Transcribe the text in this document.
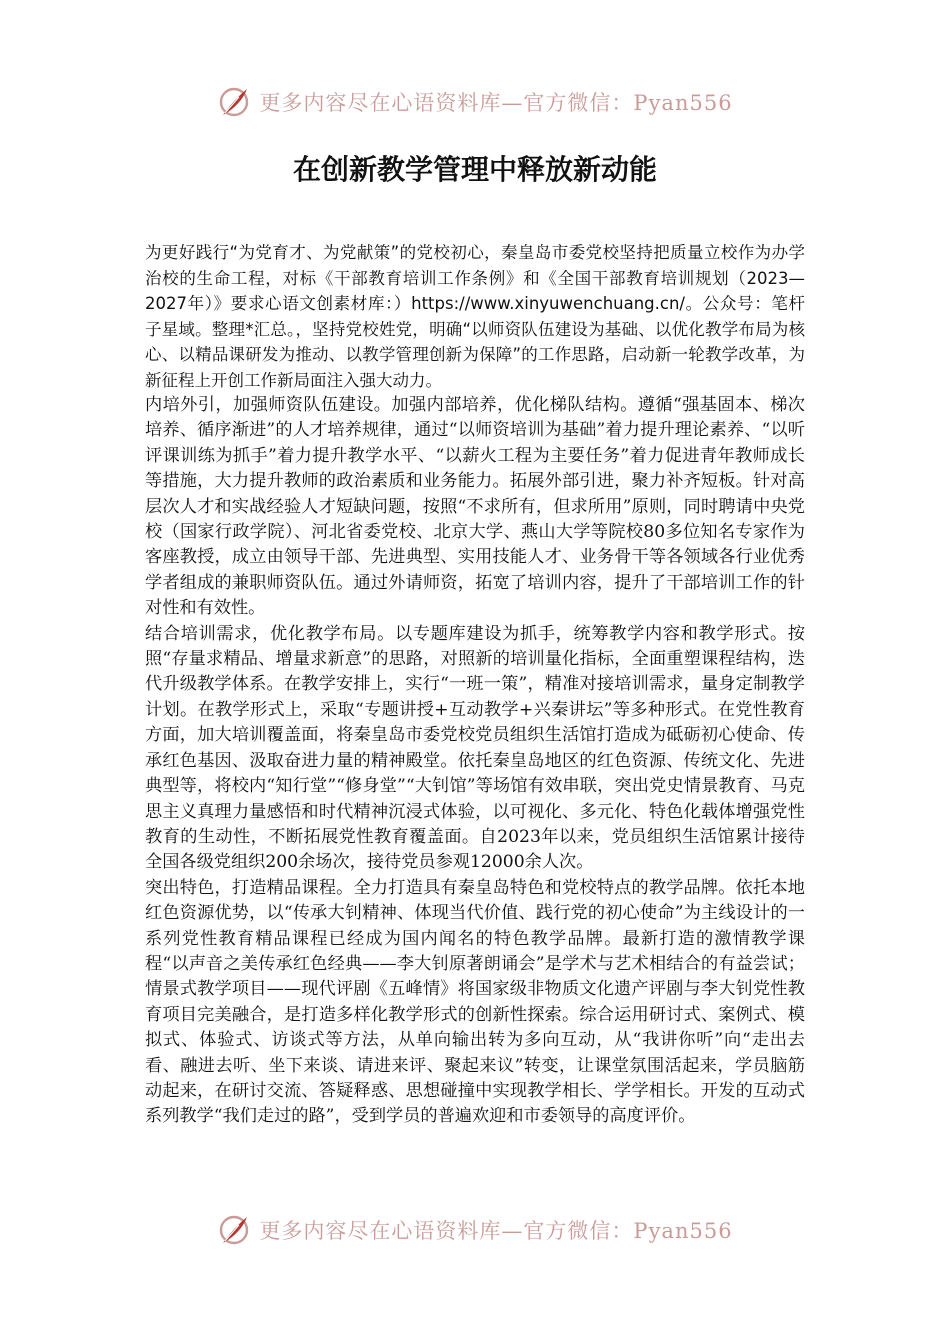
更多内容尽在心语资料库—官方微信：Pyan556
在创新教学管理中释放新动能

为更好践行“为党育才、为党献策”的党校初心，秦皇岛市委党校坚持把质量立校作为办学治校的生命工程，对标《干部教育培训工作条例》和《全国干部教育培训规划（2023—2027年）》要求心语文创素材库：）https://www.xinyuwenchuang.cn/。公众号：笔杆子星域。整理*汇总。，坚持党校姓党，明确“以师资队伍建设为基础、以优化教学布局为核心、以精品课研发为推动、以教学管理创新为保障”的工作思路，启动新一轮教学改革，为新征程上开创工作新局面注入强大动力。

内培外引，加强师资队伍建设。加强内部培养，优化梯队结构。遵循“强基固本、梯次培养、循序渐进”的人才培养规律，通过“以师资培训为基础”着力提升理论素养、“以听评课训练为抓手”着力提升教学水平、“以薪火工程为主要任务”着力促进青年教师成长等措施，大力提升教师的政治素质和业务能力。拓展外部引进，聚力补齐短板。针对高层次人才和实战经验人才短缺问题，按照“不求所有，但求所用”原则，同时聘请中央党校（国家行政学院）、河北省委党校、北京大学、燕山大学等院校80多位知名专家作为客座教授，成立由领导干部、先进典型、实用技能人才、业务骨干等各领域各行业优秀学者组成的兼职师资队伍。通过外请师资，拓宽了培训内容，提升了干部培训工作的针对性和有效性。

结合培训需求，优化教学布局。以专题库建设为抓手，统筹教学内容和教学形式。按照“存量求精品、增量求新意”的思路，对照新的培训量化指标，全面重塑课程结构，迭代升级教学体系。在教学安排上，实行“一班一策”，精准对接培训需求，量身定制教学计划。在教学形式上，采取“专题讲授+互动教学+兴秦讲坛”等多种形式。在党性教育方面，加大培训覆盖面，将秦皇岛市委党校党员组织生活馆打造成为砥砺初心使命、传承红色基因、汲取奋进力量的精神殿堂。依托秦皇岛地区的红色资源、传统文化、先进典型等，将校内“知行堂”“修身堂”“大钊馆”等场馆有效串联，突出党史情景教育、马克思主义真理力量感悟和时代精神沉浸式体验，以可视化、多元化、特色化载体增强党性教育的生动性，不断拓展党性教育覆盖面。自2023年以来，党员组织生活馆累计接待全国各级党组织200余场次，接待党员参观12000余人次。

突出特色，打造精品课程。全力打造具有秦皇岛特色和党校特点的教学品牌。依托本地红色资源优势，以“传承大钊精神、体现当代价值、践行党的初心使命”为主线设计的一系列党性教育精品课程已经成为国内闻名的特色教学品牌。最新打造的激情教学课程“以声音之美传承红色经典——李大钊原著朗诵会”是学术与艺术相结合的有益尝试；情景式教学项目——现代评剧《五峰情》将国家级非物质文化遗产评剧与李大钊党性教育项目完美融合，是打造多样化教学形式的创新性探索。综合运用研讨式、案例式、模拟式、体验式、访谈式等方法，从单向输出转为多向互动，从“我讲你听”向“走出去看、融进去听、坐下来谈、请进来评、聚起来议”转变，让课堂氛围活起来，学员脑筋动起来，在研讨交流、答疑释惑、思想碰撞中实现教学相长、学学相长。开发的互动式系列教学“我们走过的路”，受到学员的普遍欢迎和市委领导的高度评价。

更多内容尽在心语资料库—官方微信：Pyan556
